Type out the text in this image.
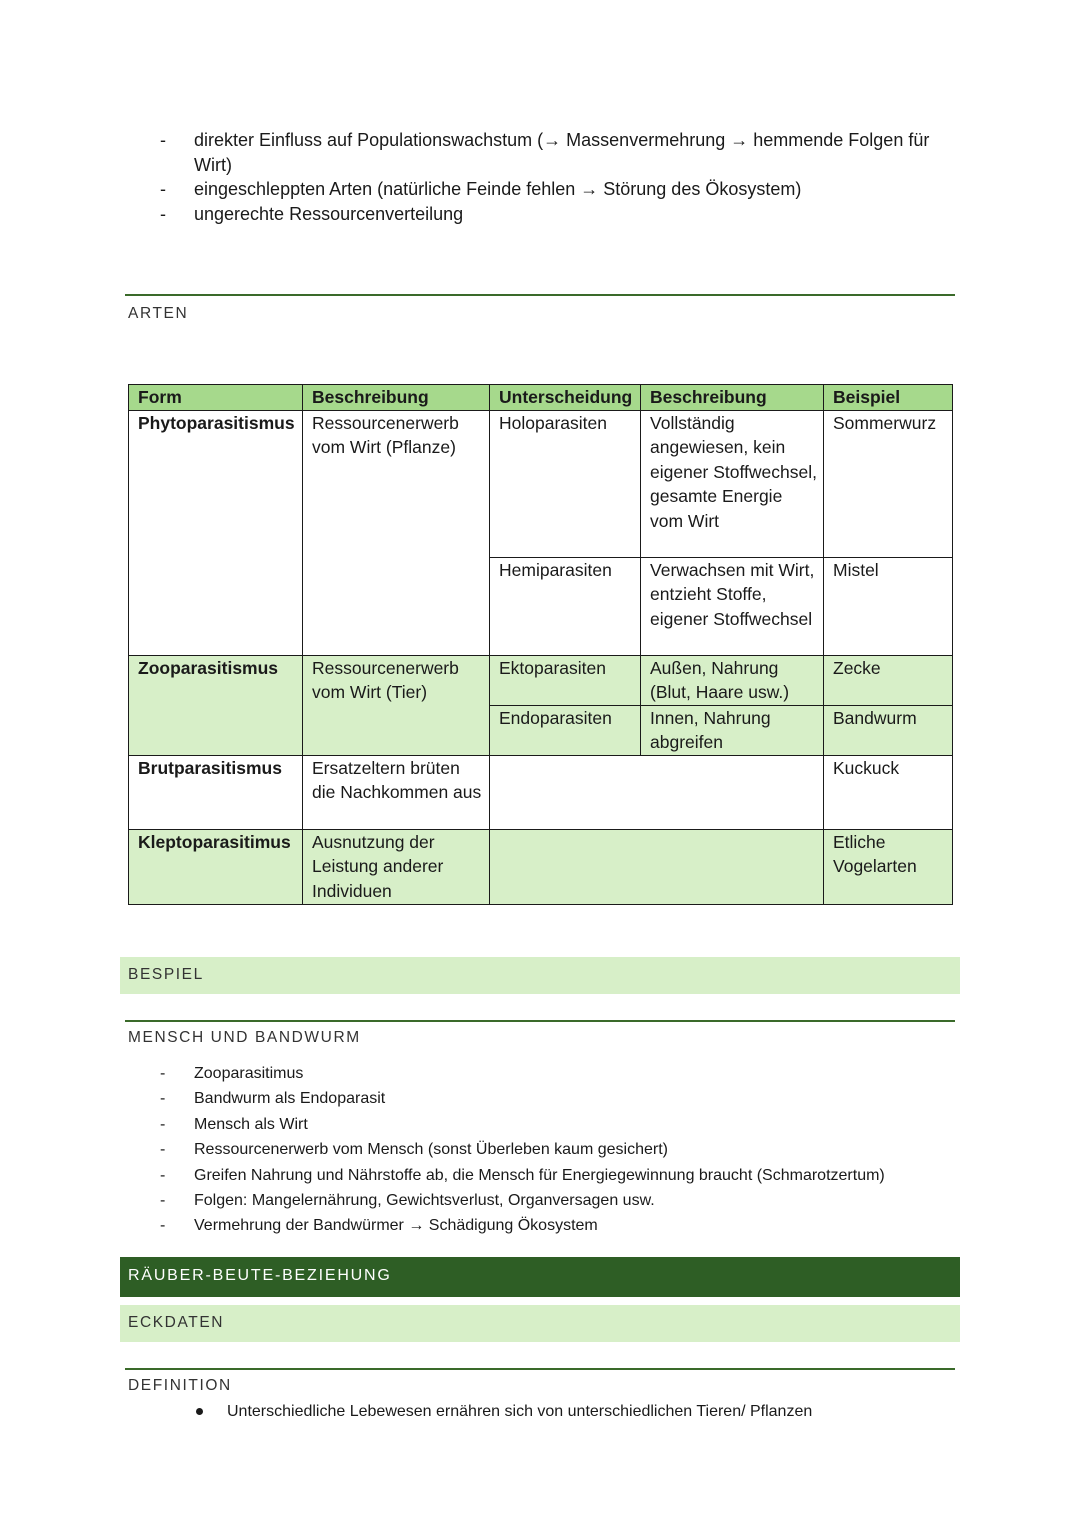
- direkter Einfluss auf Populationswachstum (→ Massenvermehrung → hemmende Folgen für Wirt)
- eingeschleppten Arten (natürliche Feinde fehlen → Störung des Ökosystem)
- ungerechte Ressourcenverteilung
ARTEN
Form	Beschreibung	Unterscheidung	Beschreibung	Beispiel
Phytoparasitismus	Ressourcenerwerb vom Wirt (Pflanze)	Holoparasiten	Vollständig angewiesen, kein eigener Stoffwechsel, gesamte Energie vom Wirt	Sommerwurz
		Hemiparasiten	Verwachsen mit Wirt, entzieht Stoffe, eigener Stoffwechsel	Mistel
Zooparasitismus	Ressourcenerwerb vom Wirt (Tier)	Ektoparasiten	Außen, Nahrung (Blut, Haare usw.)	Zecke
		Endoparasiten	Innen, Nahrung abgreifen	Bandwurm
Brutparasitismus	Ersatzeltern brüten die Nachkommen aus			Kuckuck
Kleptoparasitimus	Ausnutzung der Leistung anderer Individuen			Etliche Vogelarten
BESPIEL
MENSCH UND BANDWURM
- Zooparasitimus
- Bandwurm als Endoparasit
- Mensch als Wirt
- Ressourcenerwerb vom Mensch (sonst Überleben kaum gesichert)
- Greifen Nahrung und Nährstoffe ab, die Mensch für Energiegewinnung braucht (Schmarotzertum)
- Folgen: Mangelernährung, Gewichtsverlust, Organversagen usw.
- Vermehrung der Bandwürmer → Schädigung Ökosystem
RÄUBER-BEUTE-BEZIEHUNG
ECKDATEN
DEFINITION
Unterschiedliche Lebewesen ernähren sich von unterschiedlichen Tieren/ Pflanzen
